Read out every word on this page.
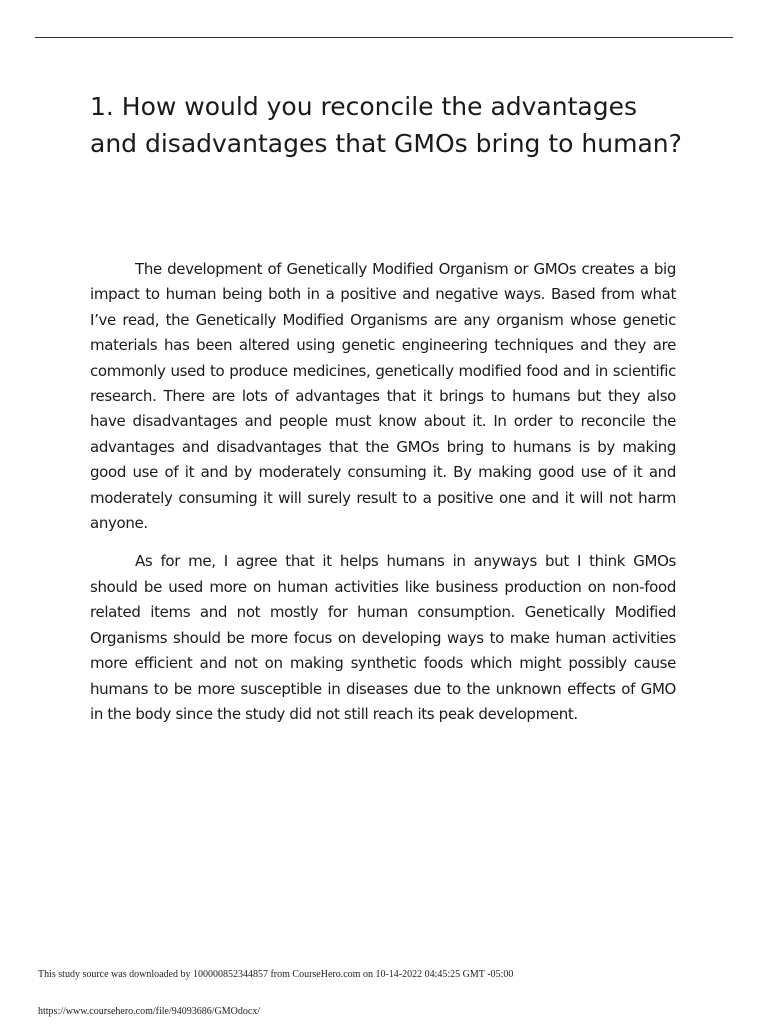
1. How would you reconcile the advantages and disadvantages that GMOs bring to human?

The development of Genetically Modified Organism or GMOs creates a big impact to human being both in a positive and negative ways. Based from what I’ve read, the Genetically Modified Organisms are any organism whose genetic materials has been altered using genetic engineering techniques and they are commonly used to produce medicines, genetically modified food and in scientific research. There are lots of advantages that it brings to humans but they also have disadvantages and people must know about it. In order to reconcile the advantages and disadvantages that the GMOs bring to humans is by making good use of it and by moderately consuming it. By making good use of it and moderately consuming it will surely result to a positive one and it will not harm anyone.

As for me, I agree that it helps humans in anyways but I think GMOs should be used more on human activities like business production on non-food related items and not mostly for human consumption. Genetically Modified Organisms should be more focus on developing ways to make human activities more efficient and not on making synthetic foods which might possibly cause humans to be more susceptible in diseases due to the unknown effects of GMO in the body since the study did not still reach its peak development.

This study source was downloaded by 100000852344857 from CourseHero.com on 10-14-2022 04:45:25 GMT -05:00
https://www.coursehero.com/file/94093686/GMOdocx/
